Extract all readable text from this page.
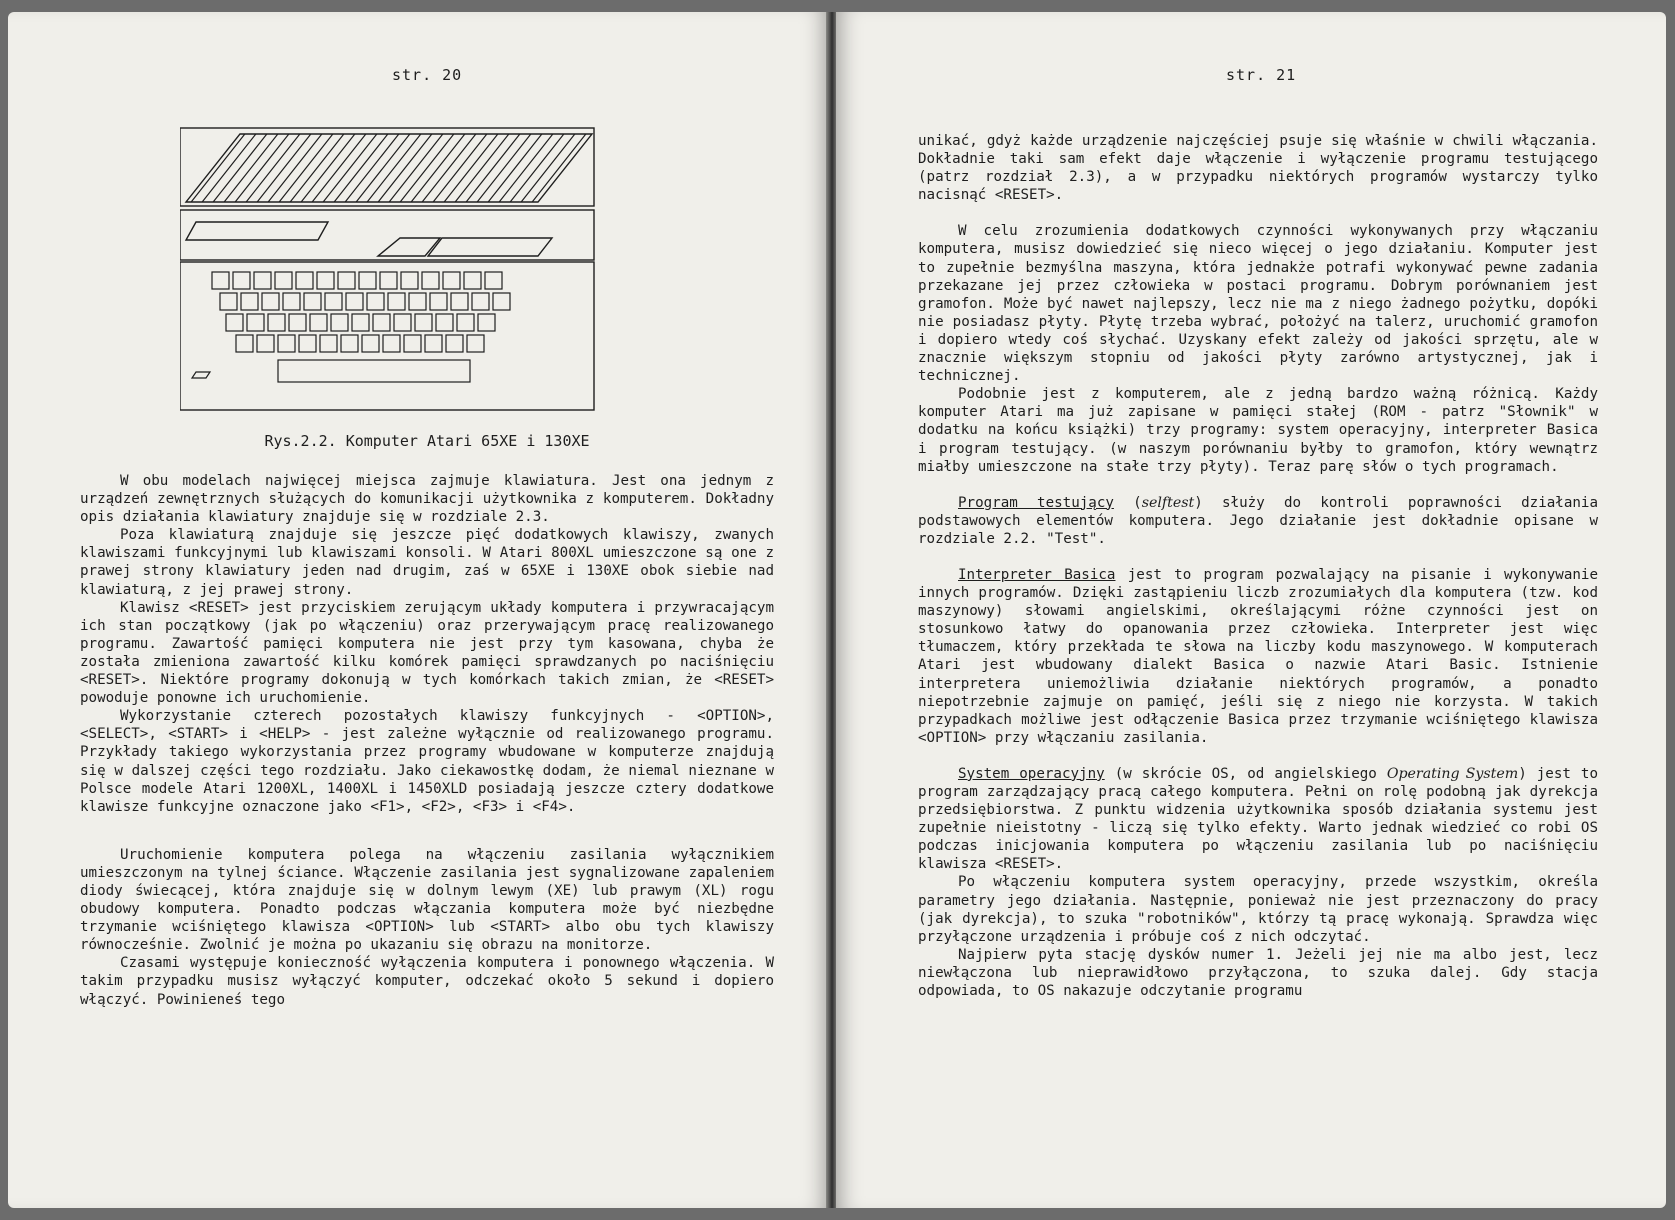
str. 20
Rys.2.2. Komputer Atari 65XE i 130XE

W obu modelach najwięcej miejsca zajmuje klawiatura. Jest ona jednym z urządzeń zewnętrznych służących do komunikacji użytkownika z komputerem. Dokładny opis działania klawiatury znajduje się w rozdziale 2.3.

Poza klawiaturą znajduje się jeszcze pięć dodatkowych klawiszy, zwanych klawiszami funkcyjnymi lub klawiszami konsoli. W Atari 800XL umieszczone są one z prawej strony klawiatury jeden nad drugim, zaś w 65XE i 130XE obok siebie nad klawiaturą, z jej prawej strony.

Klawisz <RESET> jest przyciskiem zerującym układy komputera i przywracającym ich stan początkowy (jak po włączeniu) oraz przerywającym pracę realizowanego programu. Zawartość pamięci komputera nie jest przy tym kasowana, chyba że została zmieniona zawartość kilku komórek pamięci sprawdzanych po naciśnięciu <RESET>. Niektóre programy dokonują w tych komórkach takich zmian, że <RESET> powoduje ponowne ich uruchomienie.

Wykorzystanie czterech pozostałych klawiszy funkcyjnych - <OPTION>, <SELECT>, <START> i <HELP> - jest zależne wyłącznie od realizowanego programu. Przykłady takiego wykorzystania przez programy wbudowane w komputerze znajdują się w dalszej części tego rozdziału. Jako ciekawostkę dodam, że niemal nieznane w Polsce modele Atari 1200XL, 1400XL i 1450XLD posiadają jeszcze cztery dodatkowe klawisze funkcyjne oznaczone jako <F1>, <F2>, <F3> i <F4>.

Uruchomienie komputera polega na włączeniu zasilania wyłącznikiem umieszczonym na tylnej ściance. Włączenie zasilania jest sygnalizowane zapaleniem diody świecącej, która znajduje się w dolnym lewym (XE) lub prawym (XL) rogu obudowy komputera. Ponadto podczas włączania komputera może być niezbędne trzymanie wciśniętego klawisza <OPTION> lub <START> albo obu tych klawiszy równocześnie. Zwolnić je można po ukazaniu się obrazu na monitorze.

Czasami występuje konieczność wyłączenia komputera i ponownego włączenia. W takim przypadku musisz wyłączyć komputer, odczekać około 5 sekund i dopiero włączyć. Powinieneś tego

str. 21

unikać, gdyż każde urządzenie najczęściej psuje się właśnie w chwili włączania. Dokładnie taki sam efekt daje włączenie i wyłączenie programu testującego (patrz rozdział 2.3), a w przypadku niektórych programów wystarczy tylko nacisnąć <RESET>.

W celu zrozumienia dodatkowych czynności wykonywanych przy włączaniu komputera, musisz dowiedzieć się nieco więcej o jego działaniu. Komputer jest to zupełnie bezmyślna maszyna, która jednakże potrafi wykonywać pewne zadania przekazane jej przez człowieka w postaci programu. Dobrym porównaniem jest gramofon. Może być nawet najlepszy, lecz nie ma z niego żadnego pożytku, dopóki nie posiadasz płyty. Płytę trzeba wybrać, położyć na talerz, uruchomić gramofon i dopiero wtedy coś słychać. Uzyskany efekt zależy od jakości sprzętu, ale w znacznie większym stopniu od jakości płyty zarówno artystycznej, jak i technicznej.

Podobnie jest z komputerem, ale z jedną bardzo ważną różnicą. Każdy komputer Atari ma już zapisane w pamięci stałej (ROM - patrz "Słownik" w dodatku na końcu książki) trzy programy: system operacyjny, interpreter Basica i program testujący. (w naszym porównaniu byłby to gramofon, który wewnątrz miałby umieszczone na stałe trzy płyty). Teraz parę słów o tych programach.

Program testujący (selftest) służy do kontroli poprawności działania podstawowych elementów komputera. Jego działanie jest dokładnie opisane w rozdziale 2.2. "Test".

Interpreter Basica jest to program pozwalający na pisanie i wykonywanie innych programów. Dzięki zastąpieniu liczb zrozumiałych dla komputera (tzw. kod maszynowy) słowami angielskimi, określającymi różne czynności jest on stosunkowo łatwy do opanowania przez człowieka. Interpreter jest więc tłumaczem, który przekłada te słowa na liczby kodu maszynowego. W komputerach Atari jest wbudowany dialekt Basica o nazwie Atari Basic. Istnienie interpretera uniemożliwia działanie niektórych programów, a ponadto niepotrzebnie zajmuje on pamięć, jeśli się z niego nie korzysta. W takich przypadkach możliwe jest odłączenie Basica przez trzymanie wciśniętego klawisza <OPTION> przy włączaniu zasilania.

System operacyjny (w skrócie OS, od angielskiego Operating System) jest to program zarządzający pracą całego komputera. Pełni on rolę podobną jak dyrekcja przedsiębiorstwa. Z punktu widzenia użytkownika sposób działania systemu jest zupełnie nieistotny - liczą się tylko efekty. Warto jednak wiedzieć co robi OS podczas inicjowania komputera po włączeniu zasilania lub po naciśnięciu klawisza <RESET>.

Po włączeniu komputera system operacyjny, przede wszystkim, określa parametry jego działania. Następnie, ponieważ nie jest przeznaczony do pracy (jak dyrekcja), to szuka "robotników", którzy tą pracę wykonają. Sprawdza więc przyłączone urządzenia i próbuje coś z nich odczytać.

Najpierw pyta stację dysków numer 1. Jeżeli jej nie ma albo jest, lecz niewłączona lub nieprawidłowo przyłączona, to szuka dalej. Gdy stacja odpowiada, to OS nakazuje odczytanie programu
